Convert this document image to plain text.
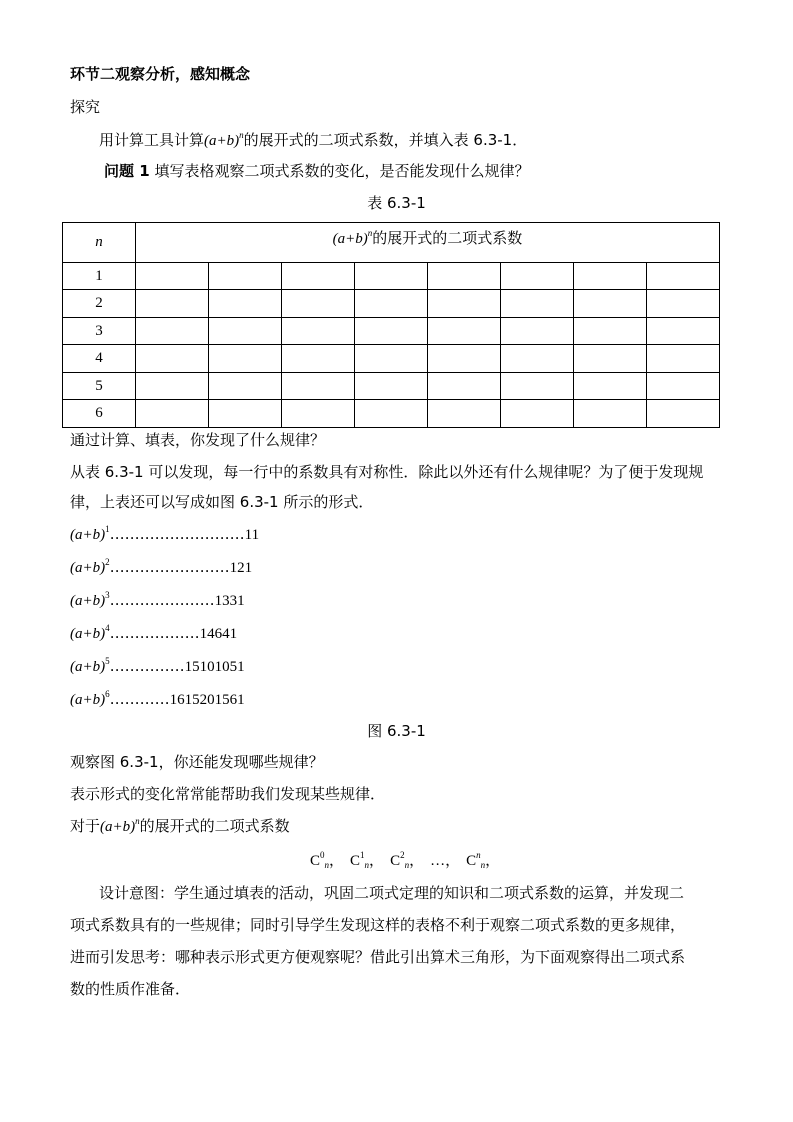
环节二观察分析，感知概念
探究
用计算工具计算$(a+b)^n$的展开式的二项式系数，并填入表 6.3-1．
问题 1 填写表格观察二项式系数的变化，是否能发现什么规律？
表 6.3-1
n	$(a+b)^n$的展开式的二项式系数							
1								
2								
3								
4								
5								
6								
通过计算、填表，你发现了什么规律？
从表 6.3-1 可以发现，每一行中的系数具有对称性．除此以外还有什么规律呢？为了便于发现规
律，上表还可以写成如图 6.3-1 所示的形式．
$(a+b)^1\dots\dots\dots\dots\dots\dots\dots\dots\dots 11$
$(a+b)^2\dots\dots\dots\dots\dots\dots\dots\dots 121$
$(a+b)^3\dots\dots\dots\dots\dots\dots\dots 1331$
$(a+b)^4\dots\dots\dots\dots\dots\dots 14641$
$(a+b)^5\dots\dots\dots\dots\dots 15101051$
$(a+b)^6\dots\dots\dots\dots 1615201561$
图 6.3-1
观察图 6.3-1，你还能发现哪些规律？
表示形式的变化常常能帮助我们发现某些规律．
对于$(a+b)^n$的展开式的二项式系数
$C^0_n$， $C^1_n$， $C^2_n$， …， $C^n_n$，
设计意图：学生通过填表的活动，巩固二项式定理的知识和二项式系数的运算，并发现二
项式系数具有的一些规律；同时引导学生发现这样的表格不利于观察二项式系数的更多规律，
进而引发思考：哪种表示形式更方便观察呢？借此引出算术三角形，为下面观察得出二项式系
数的性质作准备．
